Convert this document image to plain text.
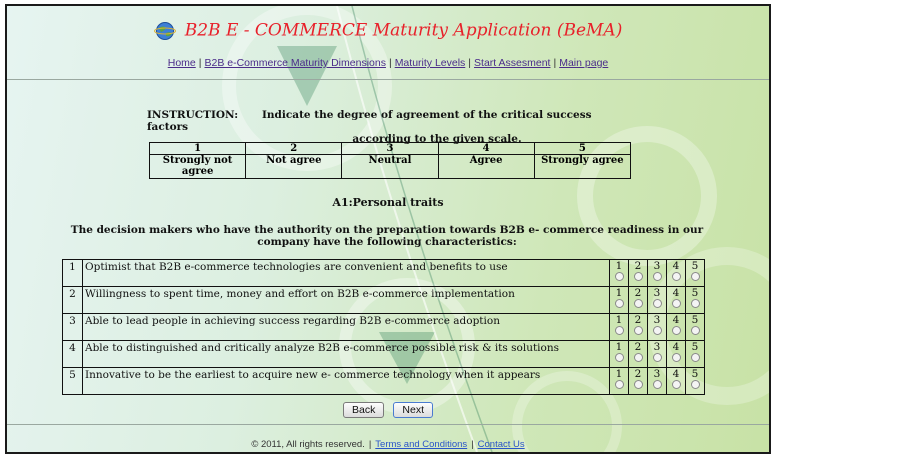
B2B E - COMMERCE Maturity Application (BeMA)
Home | B2B e-Commerce Maturity Dimensions | Maturity Levels | Start Assesment | Main page
INSTRUCTION: Indicate the degree of agreement of the critical success factors
according to the given scale.
1	2	3	4	5
Strongly not agree	Not agree	Neutral	Agree	Strongly agree
A1:Personal traits
The decision makers who have the authority on the preparation towards B2B e- commerce readiness in our company have the following characteristics:
1	Optimist that B2B e-commerce technologies are convenient and benefits to use	1	2	3	4	5

2	Willingness to spent time, money and effort on B2B e-commerce implementation	1	2	3	4	5

3	Able to lead people in achieving success regarding B2B e-commerce adoption	1	2	3	4	5

4	Able to distinguished and critically analyze B2B e-commerce possible risk & its solutions	1	2	3	4	5

5	Innovative to be the earliest to acquire new e- commerce technology when it appears	1	2	3	4	5
Back	Next
© 2011, All rights reserved. | Terms and Conditions | Contact Us
